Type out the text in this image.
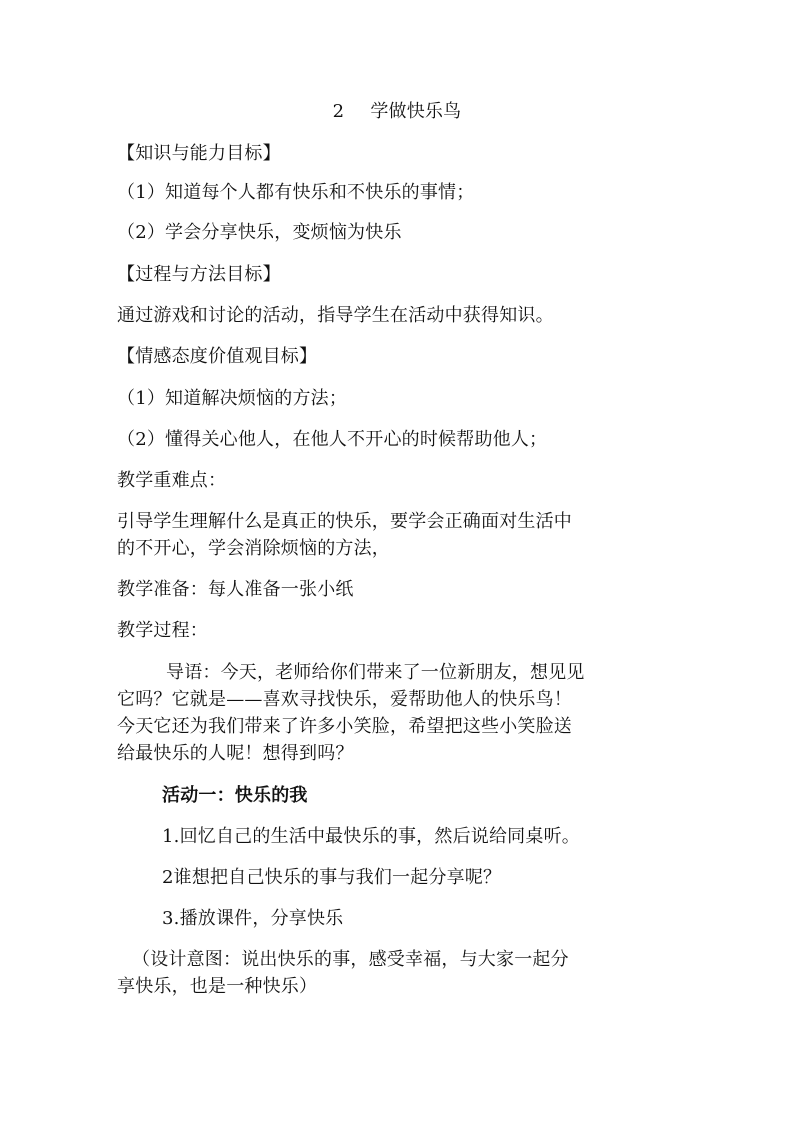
2 学做快乐鸟
【知识与能力目标】
（1）知道每个人都有快乐和不快乐的事情；
（2）学会分享快乐，变烦恼为快乐
【过程与方法目标】
通过游戏和讨论的活动，指导学生在活动中获得知识。
【情感态度价值观目标】
（1）知道解决烦恼的方法；
（2）懂得关心他人，在他人不开心的时候帮助他人；
教学重难点：
引导学生理解什么是真正的快乐，要学会正确面对生活中
的不开心，学会消除烦恼的方法，
教学准备：每人准备一张小纸
教学过程：
导语：今天，老师给你们带来了一位新朋友，想见见
它吗？它就是——喜欢寻找快乐，爱帮助他人的快乐鸟！
今天它还为我们带来了许多小笑脸，希望把这些小笑脸送
给最快乐的人呢！想得到吗？
活动一：快乐的我
1.回忆自己的生活中最快乐的事，然后说给同桌听。
2谁想把自己快乐的事与我们一起分享呢？
3.播放课件，分享快乐
（设计意图：说出快乐的事，感受幸福，与大家一起分
享快乐，也是一种快乐）
